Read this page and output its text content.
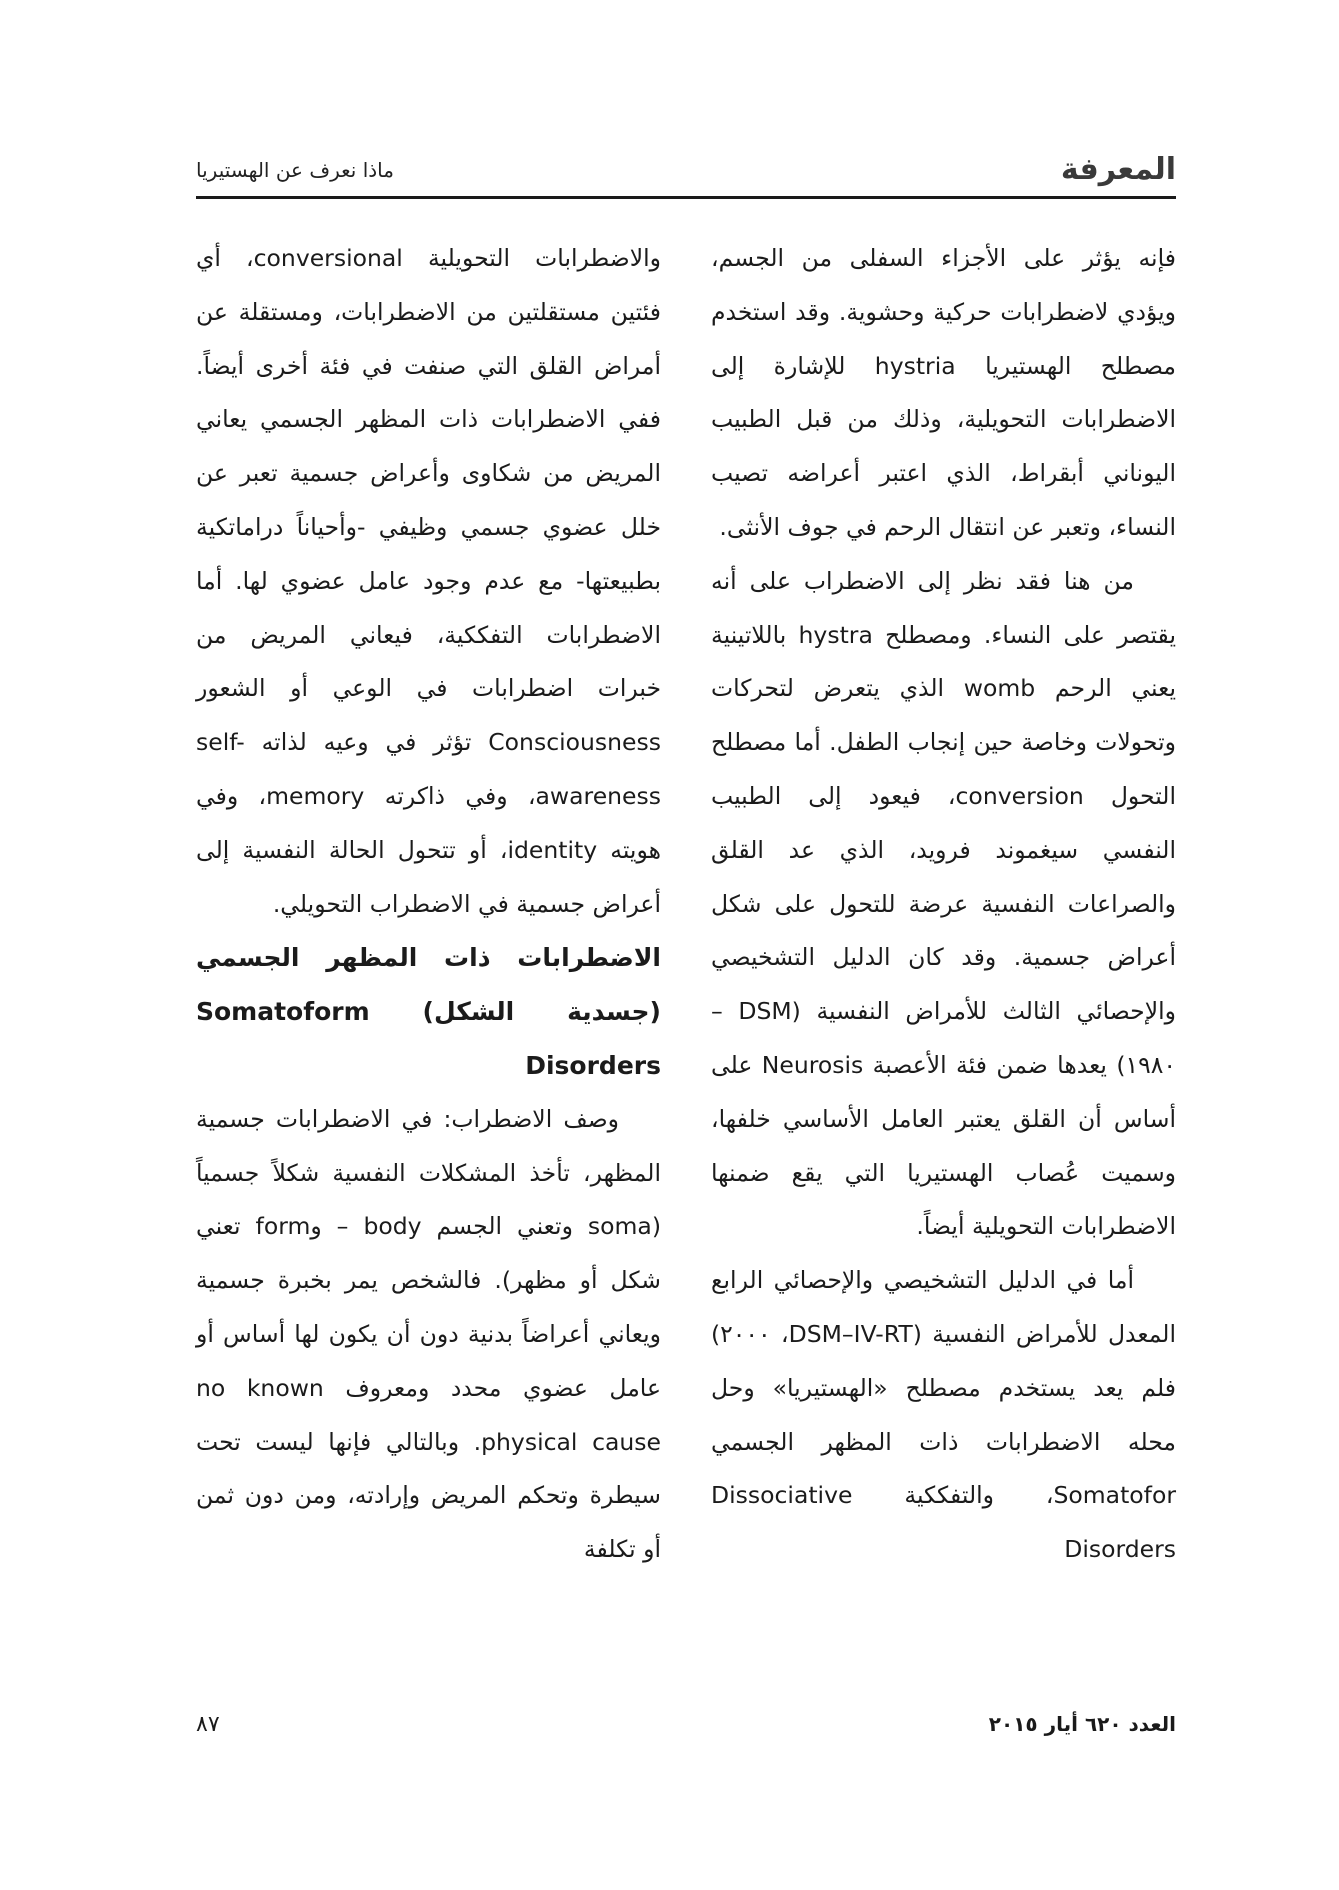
المعرفة
ماذا نعرف عن الهستيريا

فإنه يؤثر على الأجزاء السفلى من الجسم، ويؤدي لاضطرابات حركية وحشوية. وقد استخدم مصطلح الهستيريا hystria للإشارة إلى الاضطرابات التحويلية، وذلك من قبل الطبيب اليوناني أبقراط، الذي اعتبر أعراضه تصيب النساء، وتعبر عن انتقال الرحم في جوف الأنثى.

من هنا فقد نظر إلى الاضطراب على أنه يقتصر على النساء. ومصطلح hystra باللاتينية يعني الرحم womb الذي يتعرض لتحركات وتحولات وخاصة حين إنجاب الطفل. أما مصطلح التحول conversion، فيعود إلى الطبيب النفسي سيغموند فرويد، الذي عد القلق والصراعات النفسية عرضة للتحول على شكل أعراض جسمية. وقد كان الدليل التشخيصي والإحصائي الثالث للأمراض النفسية (DSM – ١٩٨٠) يعدها ضمن فئة الأعصبة Neurosis على أساس أن القلق يعتبر العامل الأساسي خلفها، وسميت عُصاب الهستيريا التي يقع ضمنها الاضطرابات التحويلية أيضاً.

أما في الدليل التشخيصي والإحصائي الرابع المعدل للأمراض النفسية (DSM–IV-RT، ٢٠٠٠) فلم يعد يستخدم مصطلح «الهستيريا» وحل محله الاضطرابات ذات المظهر الجسمي Somatofor، والتفككية Dissociative Disorders

والاضطرابات التحويلية conversional، أي فئتين مستقلتين من الاضطرابات، ومستقلة عن أمراض القلق التي صنفت في فئة أخرى أيضاً. ففي الاضطرابات ذات المظهر الجسمي يعاني المريض من شكاوى وأعراض جسمية تعبر عن خلل عضوي جسمي وظيفي -وأحياناً دراماتكية بطبيعتها- مع عدم وجود عامل عضوي لها. أما الاضطرابات التفككية، فيعاني المريض من خبرات اضطرابات في الوعي أو الشعور Consciousness تؤثر في وعيه لذاته self-awareness، وفي ذاكرته memory، وفي هويته identity، أو تتحول الحالة النفسية إلى أعراض جسمية في الاضطراب التحويلي.

الاضطرابات ذات المظهر الجسمي (جسدية الشكل) Somatoform Disorders

وصف الاضطراب: في الاضطرابات جسمية المظهر، تأخذ المشكلات النفسية شكلاً جسمياً (soma وتعني الجسم body – وform تعني شكل أو مظهر). فالشخص يمر بخبرة جسمية ويعاني أعراضاً بدنية دون أن يكون لها أساس أو عامل عضوي محدد ومعروف no known physical cause. وبالتالي فإنها ليست تحت سيطرة وتحكم المريض وإرادته، ومن دون ثمن أو تكلفة

العدد ٦٢٠ أيار ٢٠١٥
٨٧
